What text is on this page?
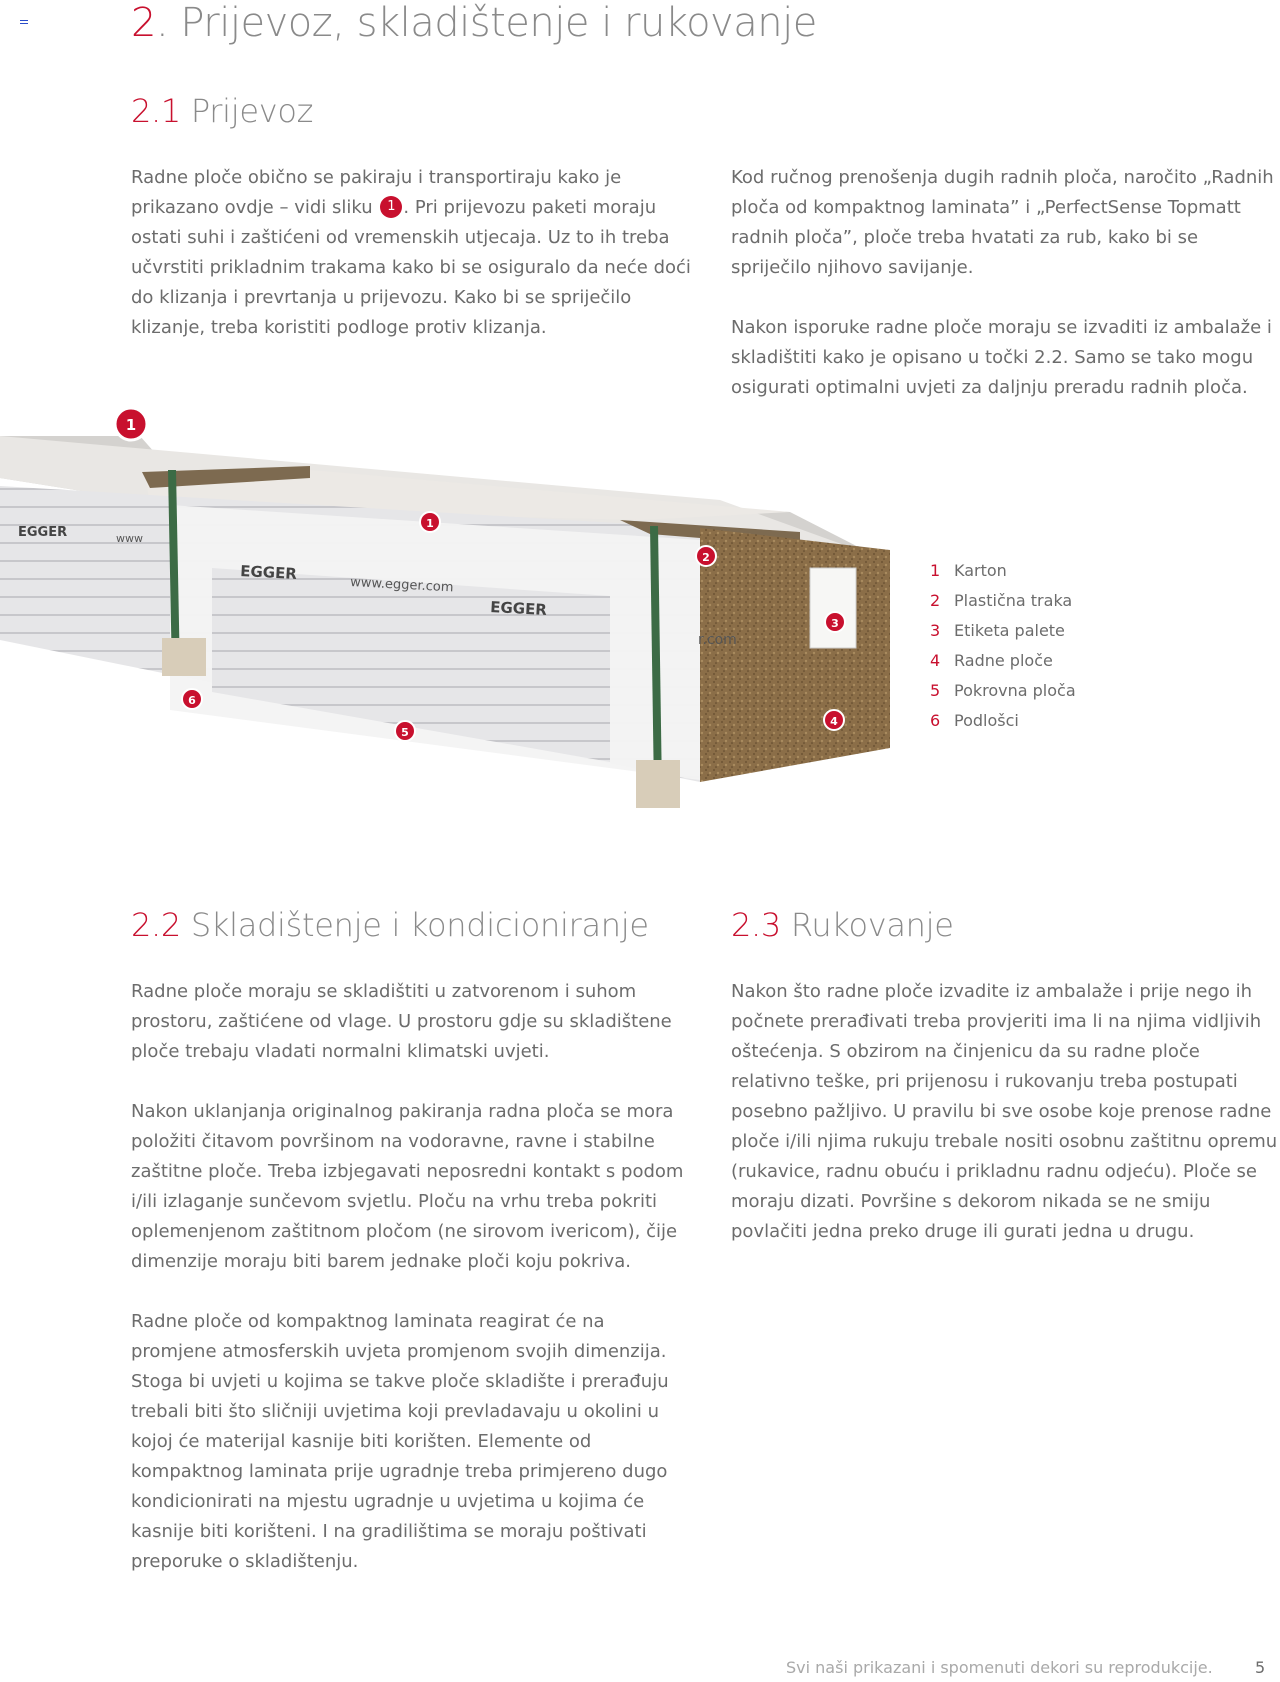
2. Prijevoz, skladištenje i rukovanje
2.1 Prijevoz

Radne ploče obično se pakiraju i transportiraju kako je prikazano ovdje – vidi sliku 1 . Pri prijevozu paketi moraju ostati suhi i zaštićeni od vremenskih utjecaja. Uz to ih treba učvrstiti prikladnim trakama kako bi se osiguralo da neće doći do klizanja i prevrtanja u prijevozu. Kako bi se spriječilo klizanje, treba koristiti podloge protiv klizanja.

Kod ručnog prenošenja dugih radnih ploča, naročito „Radnih ploča od kompaktnog laminata” i „PerfectSense Topmatt radnih ploča”, ploče treba hvatati za rub, kako bi se spriječilo njihovo savijanje.

Nakon isporuke radne ploče moraju se izvaditi iz ambalaže i skladištiti kako je opisano u točki 2.2. Samo se tako mogu osigurati optimalni uvjeti za daljnju preradu radnih ploča.

EGGER	www
EGGER
www.egger.com
EGGER
r.com
1
1
2
3
4
5
6
1 Karton
2 Plastična traka
3 Etiketa palete
4 Radne ploče
5 Pokrovna ploča
6 Podlošci
2.2 Skladištenje i kondicioniranje	2.3 Rukovanje

Radne ploče moraju se skladištiti u zatvorenom i suhom prostoru, zaštićene od vlage. U prostoru gdje su skladištene ploče trebaju vladati normalni klimatski uvjeti.

Nakon uklanjanja originalnog pakiranja radna ploča se mora položiti čitavom površinom na vodoravne, ravne i stabilne zaštitne ploče. Treba izbjegavati neposredni kontakt s podom i/ili izlaganje sunčevom svjetlu. Ploču na vrhu treba pokriti oplemenjenom zaštitnom pločom (ne sirovom ivericom), čije dimenzije moraju biti barem jednake ploči koju pokriva.

Radne ploče od kompaktnog laminata reagirat će na promjene atmosferskih uvjeta promjenom svojih dimenzija. Stoga bi uvjeti u kojima se takve ploče skladište i prerađuju trebali biti što sličniji uvjetima koji prevladavaju u okolini u kojoj će materijal kasnije biti korišten. Elemente od kompaktnog laminata prije ugradnje treba primjereno dugo kondicionirati na mjestu ugradnje u uvjetima u kojima će kasnije biti korišteni. I na gradilištima se moraju poštivati preporuke o skladištenju.

Nakon što radne ploče izvadite iz ambalaže i prije nego ih počnete prerađivati treba provjeriti ima li na njima vidljivih oštećenja. S obzirom na činjenicu da su radne ploče relativno teške, pri prijenosu i rukovanju treba postupati posebno pažljivo. U pravilu bi sve osobe koje prenose radne ploče i/ili njima rukuju trebale nositi osobnu zaštitnu opremu (rukavice, radnu obuću i prikladnu radnu odjeću). Ploče se moraju dizati. Površine s dekorom nikada se ne smiju povlačiti jedna preko druge ili gurati jedna u drugu.

Svi naši prikazani i spomenuti dekori su reprodukcije.	5
